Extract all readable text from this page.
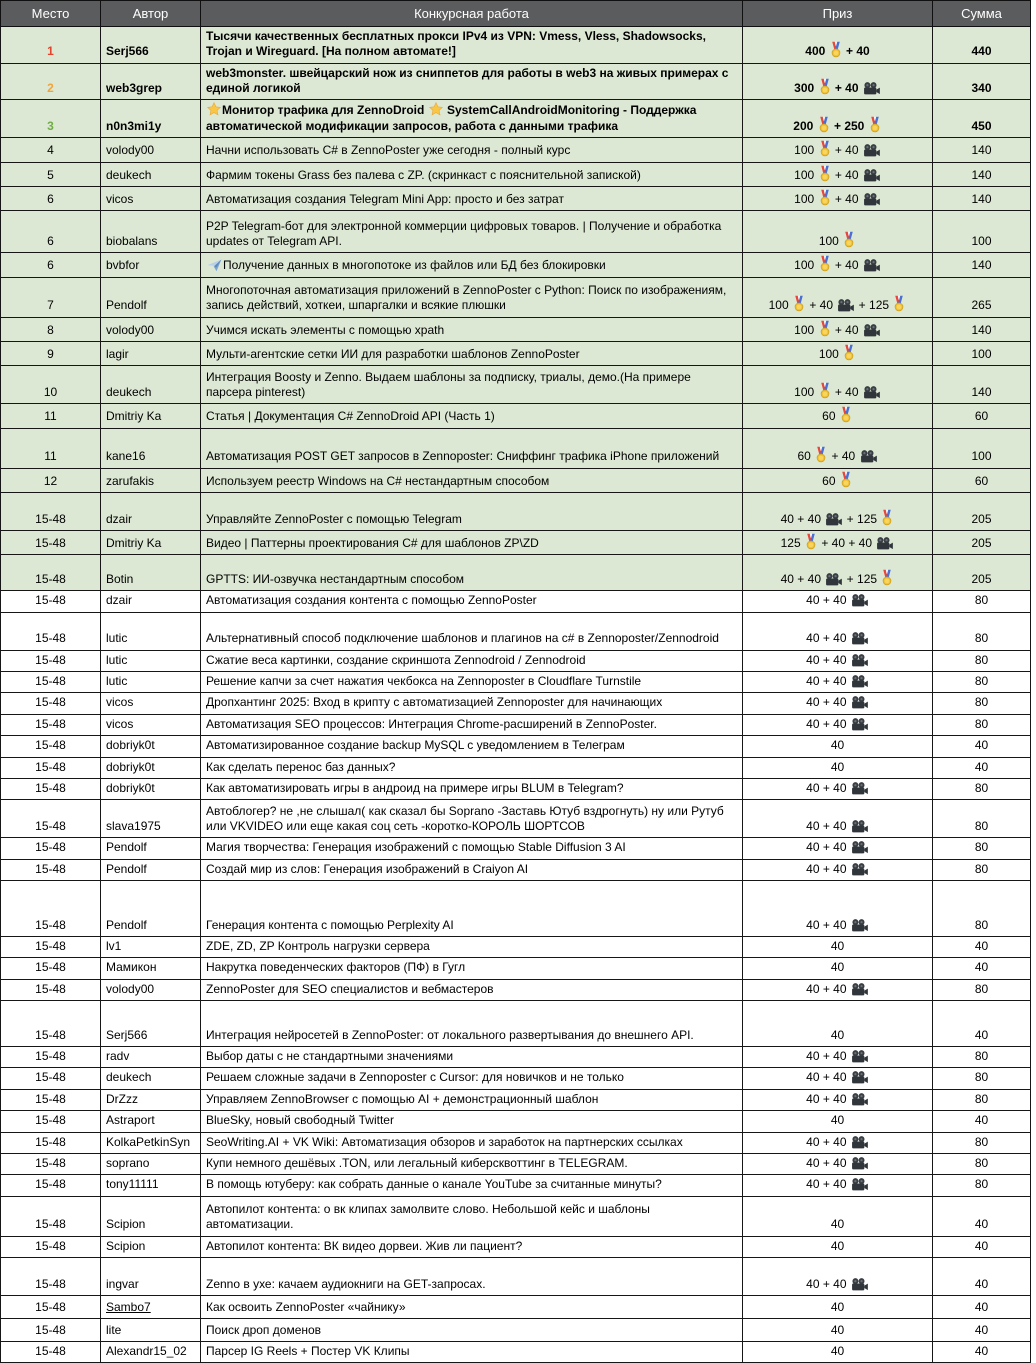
Место	Автор	Конкурсная работа	Приз	Сумма
1	Serj566	Тысячи качественных бесплатных прокси IPv4 из VPN: Vmess, Vless, Shadowsocks, Trojan и Wireguard. [На полном автомате!]	400  + 40	440
2	web3grep	web3monster. швейцарский нож из сниппетов для работы в web3 на живых примерах с единой логикой	300  + 40	340
3	n0n3mi1y	Монитор трафика для ZennoDroid  SystemCallAndroidMonitoring - Поддержка автоматической модификации запросов, работа с данными трафика	200  + 250	450
4	volody00	Начни использовать C# в ZennoPoster уже сегодня - полный курс	100  + 40	140
5	deukech	Фармим токены Grass без палева с ZP. (скринкаст с пояснительной запиской)	100  + 40	140
6	vicos	Автоматизация создания Telegram Mini App: просто и без затрат	100  + 40	140
6	biobalans	P2P Telegram-бот для электронной коммерции цифровых товаров. | Получение и обработка updates от Telegram API.	100	100
6	bvbfor	Получение данных в многопотоке из файлов или БД без блокировки	100  + 40	140
7	Pendolf	Многопоточная автоматизация приложений в ZennoPoster с Python: Поиск по изображениям, запись действий, хоткеи, шпаргалки и всякие плюшки	100  + 40  + 125	265
8	volody00	Учимся искать элементы с помощью xpath	100  + 40	140
9	lagir	Мульти-агентские сетки ИИ для разработки шаблонов ZennoPoster	100	100
10	deukech	Интеграция Boosty и Zenno. Выдаем шаблоны за подписку, триалы, демо.(На примере парсера pinterest)	100  + 40	140
11	Dmitriy Ka	Статья | Документация C# ZennoDroid API (Часть 1)	60	60
11	kane16	Автоматизация POST GET запросов в Zennoposter: Сниффинг трафика iPhone приложений	60  + 40	100
12	zarufakis	Используем реестр Windows на C# нестандартным способом	60	60
15-48	dzair	Управляйте ZennoPoster с помощью Telegram	40 + 40  + 125	205
15-48	Dmitriy Ka	Видео | Паттерны проектирования C# для шаблонов ZP\ZD	125  + 40 + 40	205
15-48	Botin	GPTTS: ИИ-озвучка нестандартным способом	40 + 40  + 125	205
15-48	dzair	Автоматизация создания контента с помощью ZennoPoster	40 + 40	80
15-48	lutic	Альтернативный способ подключение шаблонов и плагинов на c# в Zennoposter/Zennodroid	40 + 40	80
15-48	lutic	Сжатие веса картинки, создание скриншота Zennodroid / Zennodroid	40 + 40	80
15-48	lutic	Решение капчи за счет нажатия чекбокса на Zennoposter в Cloudflare Turnstile	40 + 40	80
15-48	vicos	Дропхантинг 2025: Вход в крипту с автоматизацией Zennoposter для начинающих	40 + 40	80
15-48	vicos	Автоматизация SEO процессов: Интеграция Chrome-расширений в ZennoPoster.	40 + 40	80
15-48	dobriyk0t	Автоматизированное создание backup MySQL с уведомлением в Телеграм	40	40
15-48	dobriyk0t	Как сделать перенос баз данных?	40	40
15-48	dobriyk0t	Как автоматизировать игры в андроид на примере игры BLUM в Telegram?	40 + 40	80
15-48	slava1975	Автоблогер? не ,не слышал( как сказал бы Soprano -Заставь Ютуб вздрогнуть) ну или Рутуб или VKVIDEO или еще какая соц сеть -коротко-КОРОЛЬ ШОРТСОВ	40 + 40	80
15-48	Pendolf	Магия творчества: Генерация изображений с помощью Stable Diffusion 3 AI	40 + 40	80
15-48	Pendolf	Создай мир из слов: Генерация изображений в Craiyon AI	40 + 40	80
15-48	Pendolf	Генерация контента с помощью Perplexity AI	40 + 40	80
15-48	lv1	ZDE, ZD, ZP Контроль нагрузки сервера	40	40
15-48	Мамикон	Накрутка поведенческих факторов (ПФ) в Гугл	40	40
15-48	volody00	ZennoPoster для SEO специалистов и вебмастеров	40 + 40	80
15-48	Serj566	Интеграция нейросетей в ZennoPoster: от локального развертывания до внешнего API.	40	40
15-48	radv	Выбор даты с не стандартными значениями	40 + 40	80
15-48	deukech	Решаем сложные задачи в Zennoposter с Cursor: для новичков и не только	40 + 40	80
15-48	DrZzz	Управляем ZennoBrowser с помощью AI + демонстрационный шаблон	40 + 40	80
15-48	Astraport	BlueSky, новый свободный Twitter	40	40
15-48	KolkaPetkinSyn	SeoWriting.AI + VK Wiki: Автоматизация обзоров и заработок на партнерских ссылках	40 + 40	80
15-48	soprano	Купи немного дешёвых .TON, или легальный киберсквоттинг в TELEGRAM.	40 + 40	80
15-48	tony11111	В помощь ютуберу: как собрать данные о канале YouTube за считанные минуты?	40 + 40	80
15-48	Scipion	Автопилот контента: о вк клипах замолвите слово. Небольшой кейс и шаблоны автоматизации.	40	40
15-48	Scipion	Автопилот контента: ВК видео дорвеи. Жив ли пациент?	40	40
15-48	ingvar	Zenno в ухе: качаем аудиокниги на GET-запросах.	40 + 40	40
15-48	Sambo7	Как освоить ZennoPoster «чайнику»	40	40
15-48	lite	Поиск дроп доменов	40	40
15-48	Alexandr15_02	Парсер IG Reels + Постер VK Клипы	40	40
